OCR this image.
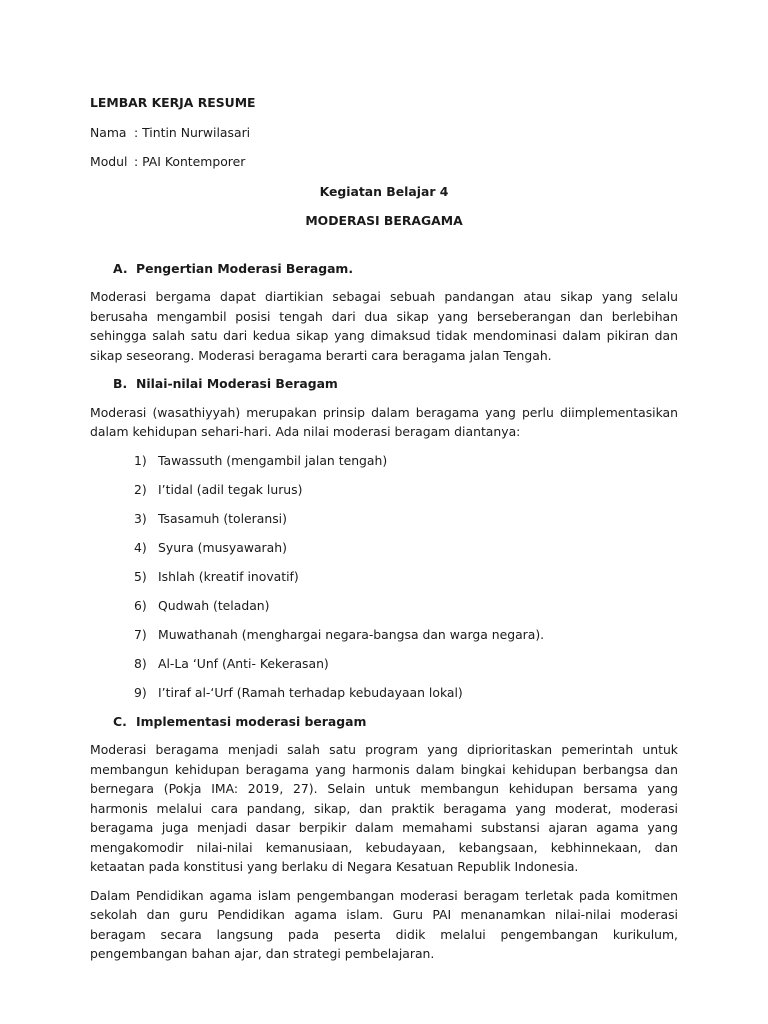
LEMBAR KERJA RESUME
Nama : Tintin Nurwilasari
Modul : PAI Kontemporer
Kegiatan Belajar 4
MODERASI BERAGAMA
A. Pengertian Moderasi Beragam.

Moderasi bergama dapat diartikian sebagai sebuah pandangan atau sikap yang selalu berusaha mengambil posisi tengah dari dua sikap yang berseberangan dan berlebihan sehingga salah satu dari kedua sikap yang dimaksud tidak mendominasi dalam pikiran dan sikap seseorang. Moderasi beragama berarti cara beragama jalan Tengah.

B. Nilai-nilai Moderasi Beragam

Moderasi (wasathiyyah) merupakan prinsip dalam beragama yang perlu diimplementasikan dalam kehidupan sehari-hari. Ada nilai moderasi beragam diantanya:

1) Tawassuth (mengambil jalan tengah)
2) I’tidal (adil tegak lurus)
3) Tsasamuh (toleransi)
4) Syura (musyawarah)
5) Ishlah (kreatif inovatif)
6) Qudwah (teladan)
7) Muwathanah (menghargai negara-bangsa dan warga negara).
8) Al-La ‘Unf (Anti- Kekerasan)
9) I’tiraf al-‘Urf (Ramah terhadap kebudayaan lokal)
C. Implementasi moderasi beragam

Moderasi beragama menjadi salah satu program yang diprioritaskan pemerintah untuk membangun kehidupan beragama yang harmonis dalam bingkai kehidupan berbangsa dan bernegara (Pokja IMA: 2019, 27). Selain untuk membangun kehidupan bersama yang harmonis melalui cara pandang, sikap, dan praktik beragama yang moderat, moderasi beragama juga menjadi dasar berpikir dalam memahami substansi ajaran agama yang mengakomodir nilai-nilai kemanusiaan, kebudayaan, kebangsaan, kebhinnekaan, dan ketaatan pada konstitusi yang berlaku di Negara Kesatuan Republik Indonesia.

Dalam Pendidikan agama islam pengembangan moderasi beragam terletak pada komitmen sekolah dan guru Pendidikan agama islam. Guru PAI menanamkan nilai-nilai moderasi beragam secara langsung pada peserta didik melalui pengembangan kurikulum, pengembangan bahan ajar, dan strategi pembelajaran.
